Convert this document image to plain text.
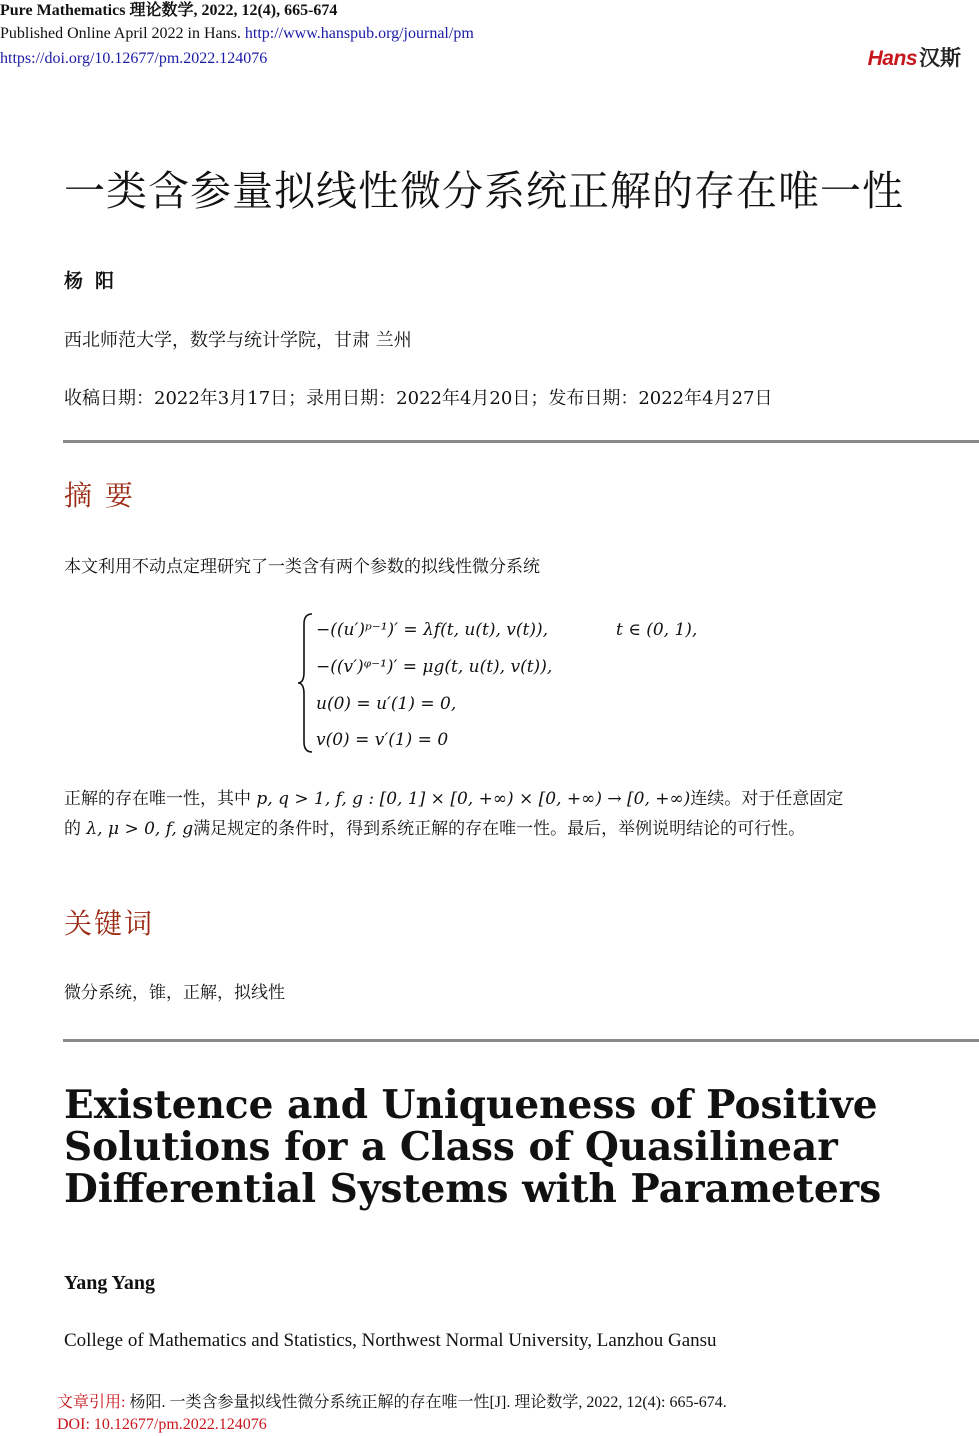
Pure Mathematics 理论数学, 2022, 12(4), 665-674
Published Online April 2022 in Hans. http://www.hanspub.org/journal/pm
https://doi.org/10.12677/pm.2022.124076	Hans汉斯
一类含参量拟线性微分系统正解的存在唯一性
杨阳
西北师范大学，数学与统计学院，甘肃 兰州
收稿日期：2022年3月17日；录用日期：2022年4月20日；发布日期：2022年4月27日
摘 要
本文利用不动点定理研究了一类含有两个参数的拟线性微分系统
−((u′)ᵖ⁻¹)′ = λf(t, u(t), v(t)),	t ∈ (0, 1),
−((v′)ᵠ⁻¹)′ = μg(t, u(t), v(t)),
u(0) = u′(1) = 0,
v(0) = v′(1) = 0
正解的存在唯一性，其中 p, q > 1, f, g : [0, 1] × [0, +∞) × [0, +∞) → [0, +∞)连续。对于任意固定
的 λ, μ > 0, f, g满足规定的条件时，得到系统正解的存在唯一性。最后，举例说明结论的可行性。
关键词
微分系统，锥，正解，拟线性
Existence and Uniqueness of Positive Solutions for a Class of Quasilinear Differential Systems with Parameters
Yang Yang
College of Mathematics and Statistics, Northwest Normal University, Lanzhou Gansu
文章引用: 杨阳. 一类含参量拟线性微分系统正解的存在唯一性[J]. 理论数学, 2022, 12(4): 665-674.
DOI: 10.12677/pm.2022.124076
